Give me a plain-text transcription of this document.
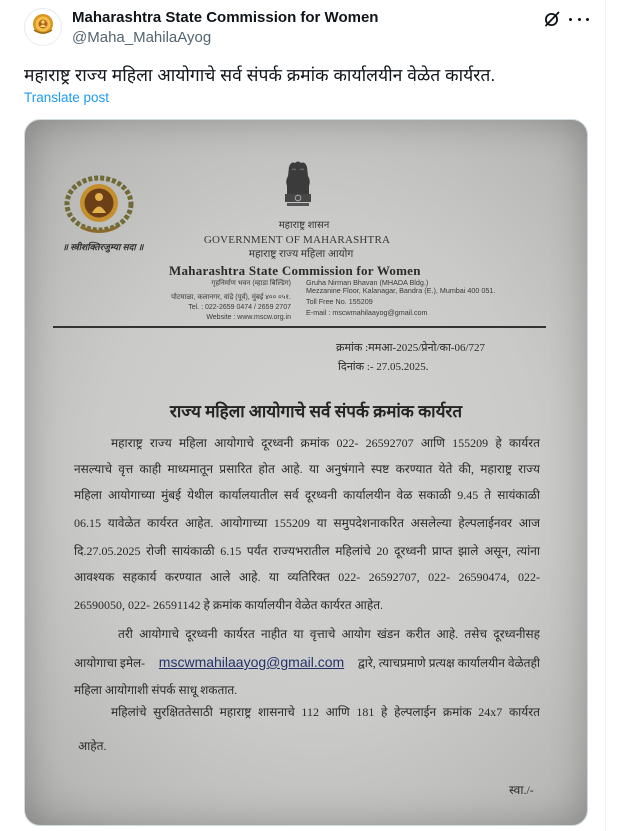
Maharashtra State Commission for Women
@Maha_MahilaAyog
महाराष्ट्र राज्य महिला आयोगाचे सर्व संपर्क क्रमांक कार्यालयीन वेळेत कार्यरत.
Translate post
॥ स्त्रीशक्तिरजुम्या सदा ॥
महाराष्ट्र शासन
GOVERNMENT OF MAHARASHTRA
महाराष्ट्र राज्य महिला आयोग
Maharashtra State Commission for Women
गृहनिर्माण भवन (म्हाडा बिल्डिंग)
पोटमाळा, कलानगर, वांद्रे (पूर्व), मुंबई ४०० ०५१.
Tel. : 022-2659 0474 / 2659 2707
Website : www.mscw.org.in
Gruha Nirman Bhavan (MHADA Bldg.)
Mezzanine Floor, Kalanagar, Bandra (E.), Mumbai 400 051.
Toll Free No. 155209
E-mail : mscwmahilaayog@gmail.com
क्रमांक :ममआ-2025/प्रेनो/का-06/727
दिनांक :- 27.05.2025.
राज्य महिला आयोगाचे सर्व संपर्क क्रमांक कार्यरत
महाराष्ट्र राज्य महिला आयोगाचे दूरध्वनी क्रमांक 022- 26592707 आणि 155209 हे कार्यरत
नसल्याचे वृत्त काही माध्यमातून प्रसारित होत आहे. या अनुषंगाने स्पष्ट करण्यात येते की, महाराष्ट्र राज्य
महिला आयोगाच्या मुंबई येथील कार्यालयातील सर्व दूरध्वनी कार्यालयीन वेळ सकाळी 9.45 ते सायंकाळी
06.15 यावेळेत कार्यरत आहेत. आयोगाच्या 155209 या समुपदेशनाकरित असलेल्या हेल्पलाईनवर आज
दि.27.05.2025 रोजी सायंकाळी 6.15 पर्यंत राज्यभरातील महिलांचे 20 दूरध्वनी प्राप्त झाले असून, त्यांना
आवश्यक सहकार्य करण्यात आले आहे. या व्यतिरिक्त 022- 26592707, 022- 26590474, 022-
26590050, 022- 26591142 हे क्रमांक कार्यालयीन वेळेत कार्यरत आहेत.
तरी आयोगाचे दूरध्वनी कार्यरत नाहीत या वृत्ताचे आयोग खंडन करीत आहे. तसेच दूरध्वनीसह
आयोगाचा इमेल- mscwmahilaayog@gmail.com द्वारे, त्याचप्रमाणे प्रत्यक्ष कार्यालयीन वेळेतही
महिला आयोगाशी संपर्क साधू शकतात.
महिलांचे सुरक्षिततेसाठी महाराष्ट्र शासनाचे 112 आणि 181 हे हेल्पलाईन क्रमांक 24x7 कार्यरत
आहेत.
स्वा./-
